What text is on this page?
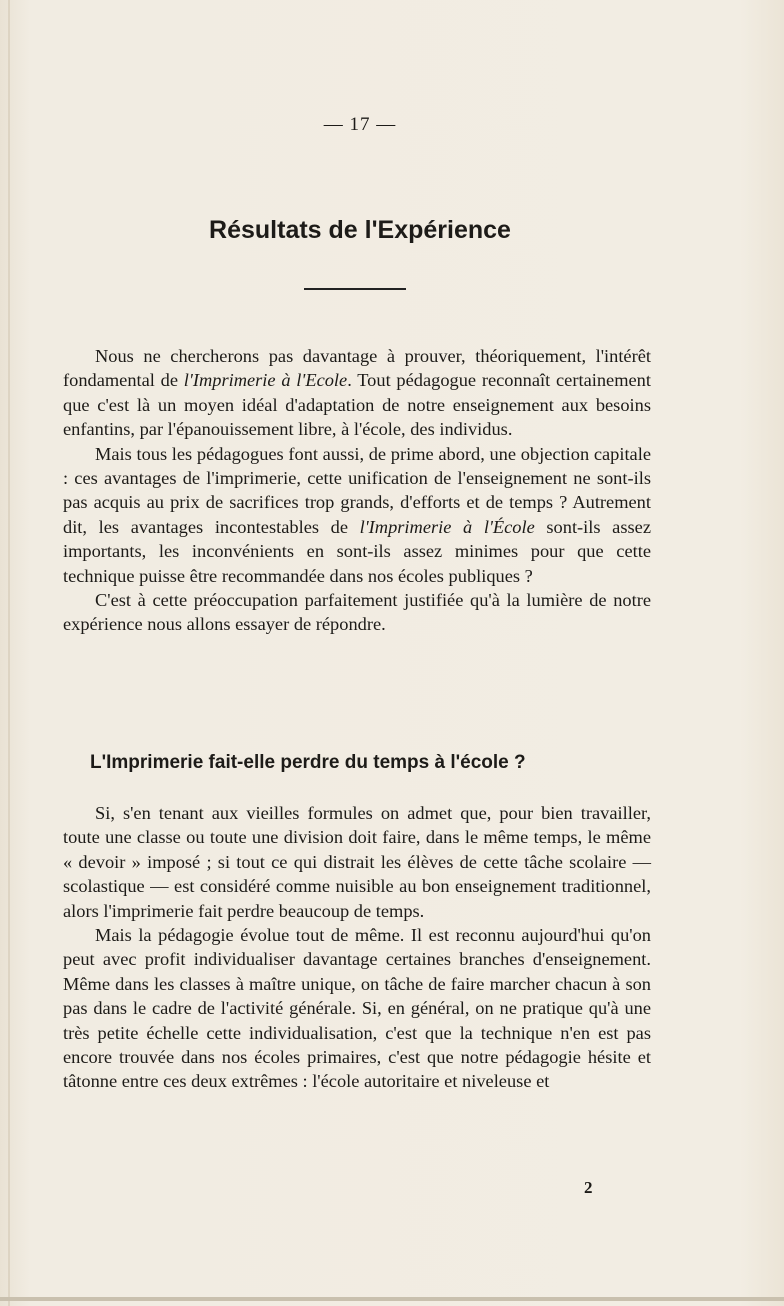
— 17 —
Résultats de l'Expérience

Nous ne chercherons pas davantage à prouver, théoriquement, l'intérêt fondamental de l'Imprimerie à l'Ecole. Tout pédagogue reconnaît certainement que c'est là un moyen idéal d'adaptation de notre enseignement aux besoins enfantins, par l'épanouissement libre, à l'école, des individus.

Mais tous les pédagogues font aussi, de prime abord, une objection capitale : ces avantages de l'imprimerie, cette unification de l'enseignement ne sont-ils pas acquis au prix de sacrifices trop grands, d'efforts et de temps ? Autrement dit, les avantages incontestables de l'Imprimerie à l'École sont-ils assez importants, les inconvénients en sont-ils assez minimes pour que cette technique puisse être recommandée dans nos écoles publiques ?

C'est à cette préoccupation parfaitement justifiée qu'à la lumière de notre expérience nous allons essayer de répondre.

L'Imprimerie fait-elle perdre du temps à l'école ?

Si, s'en tenant aux vieilles formules on admet que, pour bien travailler, toute une classe ou toute une division doit faire, dans le même temps, le même « devoir » imposé ; si tout ce qui distrait les élèves de cette tâche scolaire — scolastique — est considéré comme nuisible au bon enseignement traditionnel, alors l'imprimerie fait perdre beaucoup de temps.

Mais la pédagogie évolue tout de même. Il est reconnu aujourd'hui qu'on peut avec profit individualiser davantage certaines branches d'enseignement. Même dans les classes à maître unique, on tâche de faire marcher chacun à son pas dans le cadre de l'activité générale. Si, en général, on ne pratique qu'à une très petite échelle cette individualisation, c'est que la technique n'en est pas encore trouvée dans nos écoles primaires, c'est que notre pédagogie hésite et tâtonne entre ces deux extrêmes : l'école autoritaire et niveleuse et

2
